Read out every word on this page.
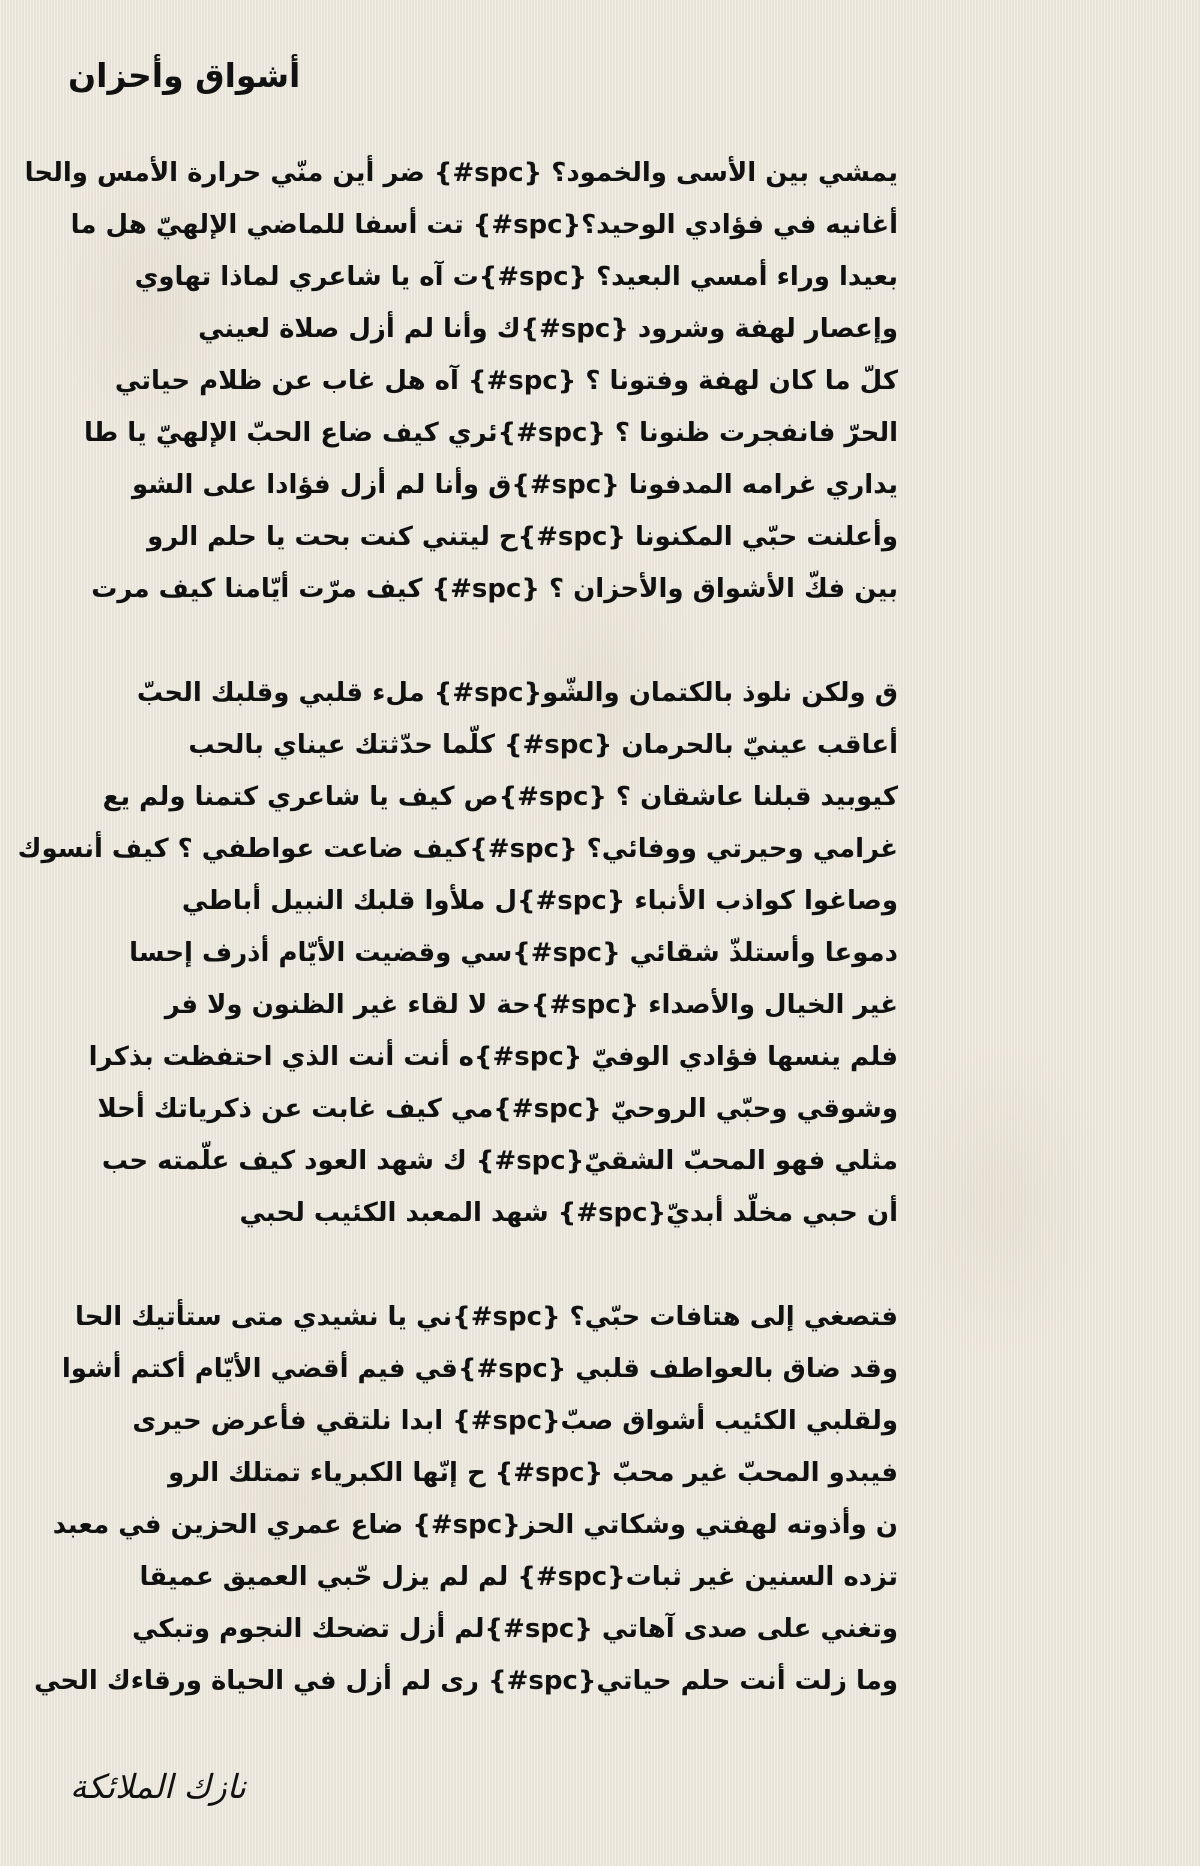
أشواق وأحزان
يمشي بين الأسى والخمود؟ {spc#} ضر أين منّي حرارة الأمس والحا
أغانيه في فؤادي الوحيد؟{spc#} تت أسفا للماضي الإلهيّ هل ما
بعيدا وراء أمسي البعيد؟ {spc#}ت آه يا شاعري لماذا تهاوي
وإعصار لهفة وشرود {spc#}ك وأنا لم أزل صلاة لعيني
كلّ ما كان لهفة وفتونا ؟ {spc#} آه هل غاب عن ظلام حياتي
الحرّ فانفجرت ظنونا ؟ {spc#}ئري كيف ضاع الحبّ الإلهيّ يا طا
يداري غرامه المدفونا {spc#}ق وأنا لم أزل فؤادا على الشو
وأعلنت حبّي المكنونا {spc#}ح ليتني كنت بحت يا حلم الرو
بين فكّ الأشواق والأحزان ؟ {spc#} كيف مرّت أيّامنا كيف مرت
ق ولكن نلوذ بالكتمان والشّو{spc#} ملء قلبي وقلبك الحبّ
أعاقب عينيّ بالحرمان {spc#} كلّما حدّثتك عيناي بالحب
كيوبيد قبلنا عاشقان ؟ {spc#}ص كيف يا شاعري كتمنا ولم يع
غرامي وحيرتي ووفائي؟ {spc#}كيف ضاعت عواطفي ؟ كيف أنسوك
وصاغوا كواذب الأنباء {spc#}ل ملأوا قلبك النبيل أباطي
دموعا وأستلذّ شقائي {spc#}سي وقضيت الأيّام أذرف إحسا
غير الخيال والأصداء {spc#}حة لا لقاء غير الظنون ولا فر
فلم ينسها فؤادي الوفيّ {spc#}ه أنت أنت الذي احتفظت بذكرا
وشوقي وحبّي الروحيّ {spc#}مي كيف غابت عن ذكرياتك أحلا
مثلي فهو المحبّ الشقيّ{spc#} ك شهد العود كيف علّمته حب
أن حبي مخلّد أبديّ{spc#} شهد المعبد الكئيب لحبي
فتصغي إلى هتافات حبّي؟ {spc#}ني يا نشيدي متى ستأتيك الحا
وقد ضاق بالعواطف قلبي {spc#}قي فيم أقضي الأيّام أكتم أشوا
ولقلبي الكئيب أشواق صبّ{spc#} ابدا نلتقي فأعرض حيرى
فيبدو المحبّ غير محبّ {spc#} ح إنّها الكبرياء تمتلك الرو
ن وأذوته لهفتي وشكاتي الحز{spc#} ضاع عمري الحزين في معبد
تزده السنين غير ثبات{spc#} لم لم يزل حّبي العميق عميقا
وتغني على صدى آهاتي {spc#}لم أزل تضحك النجوم وتبكي
وما زلت أنت حلم حياتي{spc#} رى لم أزل في الحياة ورقاءك الحي
نازك الملائكة
